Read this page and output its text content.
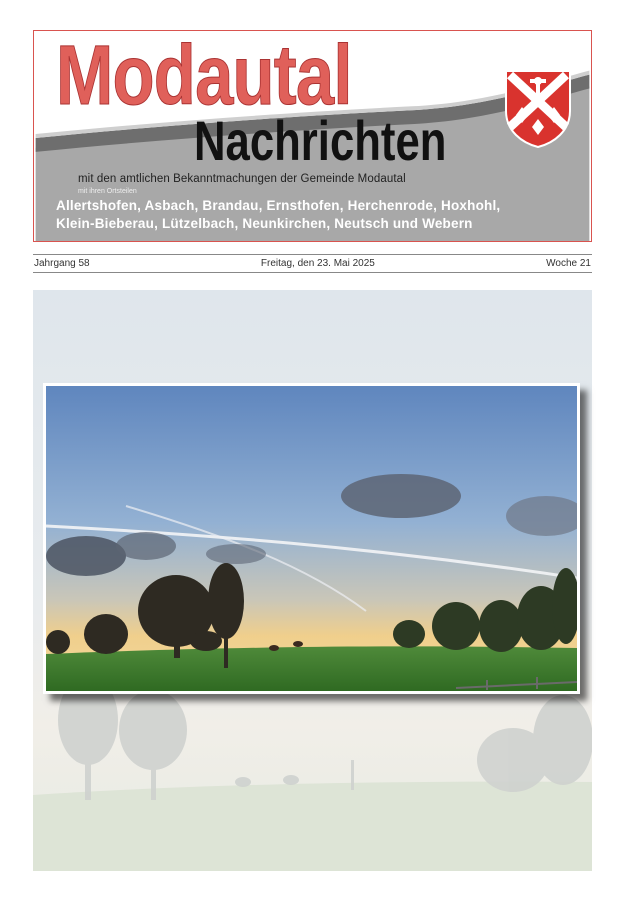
Modautal
Nachrichten
mit den amtlichen Bekanntmachungen der Gemeinde Modautal
mit ihren Ortsteilen
Allertshofen, Asbach, Brandau, Ernsthofen, Herchenrode, Hoxhohl,
Klein-Bieberau, Lützelbach, Neunkirchen, Neutsch und Webern
Jahrgang 58	Freitag, den 23. Mai 2025	Woche 21
